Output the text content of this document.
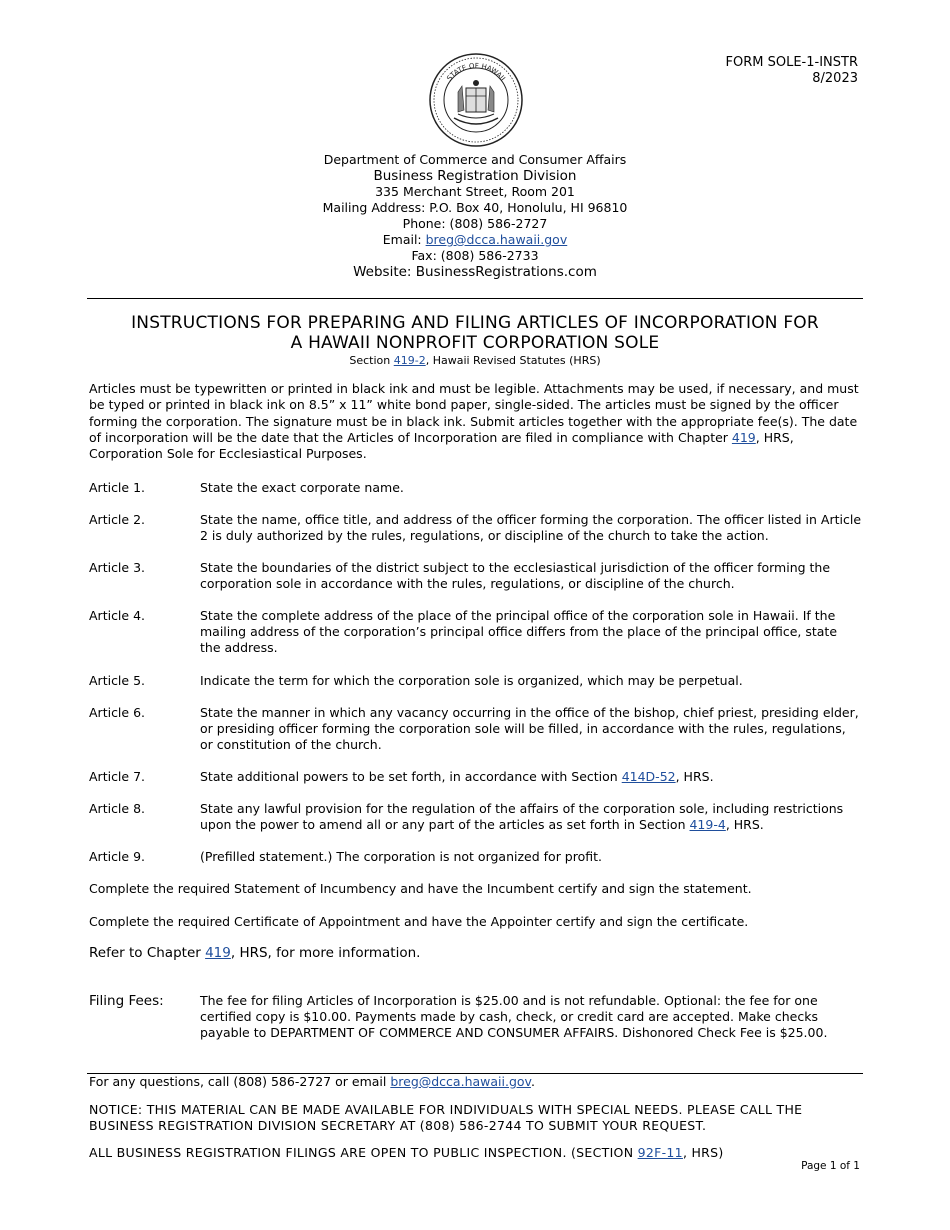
FORM SOLE-1-INSTR
8/2023
STATE OF HAWAII
Department of Commerce and Consumer Affairs
Business Registration Division
335 Merchant Street, Room 201
Mailing Address: P.O. Box 40, Honolulu, HI 96810
Phone: (808) 586-2727
Email: breg@dcca.hawaii.gov
Fax: (808) 586-2733
Website: BusinessRegistrations.com
INSTRUCTIONS FOR PREPARING AND FILING ARTICLES OF INCORPORATION FOR
A HAWAII NONPROFIT CORPORATION SOLE
Section 419-2, Hawaii Revised Statutes (HRS)
Articles must be typewritten or printed in black ink and must be legible. Attachments may be used, if necessary, and must be typed or printed in black ink on 8.5” x 11” white bond paper, single-sided. The articles must be signed by the officer forming the corporation. The signature must be in black ink. Submit articles together with the appropriate fee(s). The date of incorporation will be the date that the Articles of Incorporation are filed in compliance with Chapter 419, HRS, Corporation Sole for Ecclesiastical Purposes.
Article 1.	State the exact corporate name.
Article 2.	State the name, office title, and address of the officer forming the corporation. The officer listed in Article 2 is duly authorized by the rules, regulations, or discipline of the church to take the action.
Article 3.	State the boundaries of the district subject to the ecclesiastical jurisdiction of the officer forming the corporation sole in accordance with the rules, regulations, or discipline of the church.
Article 4.	State the complete address of the place of the principal office of the corporation sole in Hawaii. If the mailing address of the corporation’s principal office differs from the place of the principal office, state the address.
Article 5.	Indicate the term for which the corporation sole is organized, which may be perpetual.
Article 6.	State the manner in which any vacancy occurring in the office of the bishop, chief priest, presiding elder, or presiding officer forming the corporation sole will be filled, in accordance with the rules, regulations, or constitution of the church.
Article 7.	State additional powers to be set forth, in accordance with Section 414D-52, HRS.
Article 8.	State any lawful provision for the regulation of the affairs of the corporation sole, including restrictions upon the power to amend all or any part of the articles as set forth in Section 419-4, HRS.
Article 9.	(Prefilled statement.) The corporation is not organized for profit.
Complete the required Statement of Incumbency and have the Incumbent certify and sign the statement.
Complete the required Certificate of Appointment and have the Appointer certify and sign the certificate.
Refer to Chapter 419, HRS, for more information.
Filing Fees:	The fee for filing Articles of Incorporation is $25.00 and is not refundable. Optional: the fee for one certified copy is $10.00. Payments made by cash, check, or credit card are accepted. Make checks payable to DEPARTMENT OF COMMERCE AND CONSUMER AFFAIRS. Dishonored Check Fee is $25.00.
For any questions, call (808) 586-2727 or email breg@dcca.hawaii.gov.
NOTICE: THIS MATERIAL CAN BE MADE AVAILABLE FOR INDIVIDUALS WITH SPECIAL NEEDS. PLEASE CALL THE BUSINESS REGISTRATION DIVISION SECRETARY AT (808) 586-2744 TO SUBMIT YOUR REQUEST.
ALL BUSINESS REGISTRATION FILINGS ARE OPEN TO PUBLIC INSPECTION. (SECTION 92F-11, HRS)
Page 1 of 1
